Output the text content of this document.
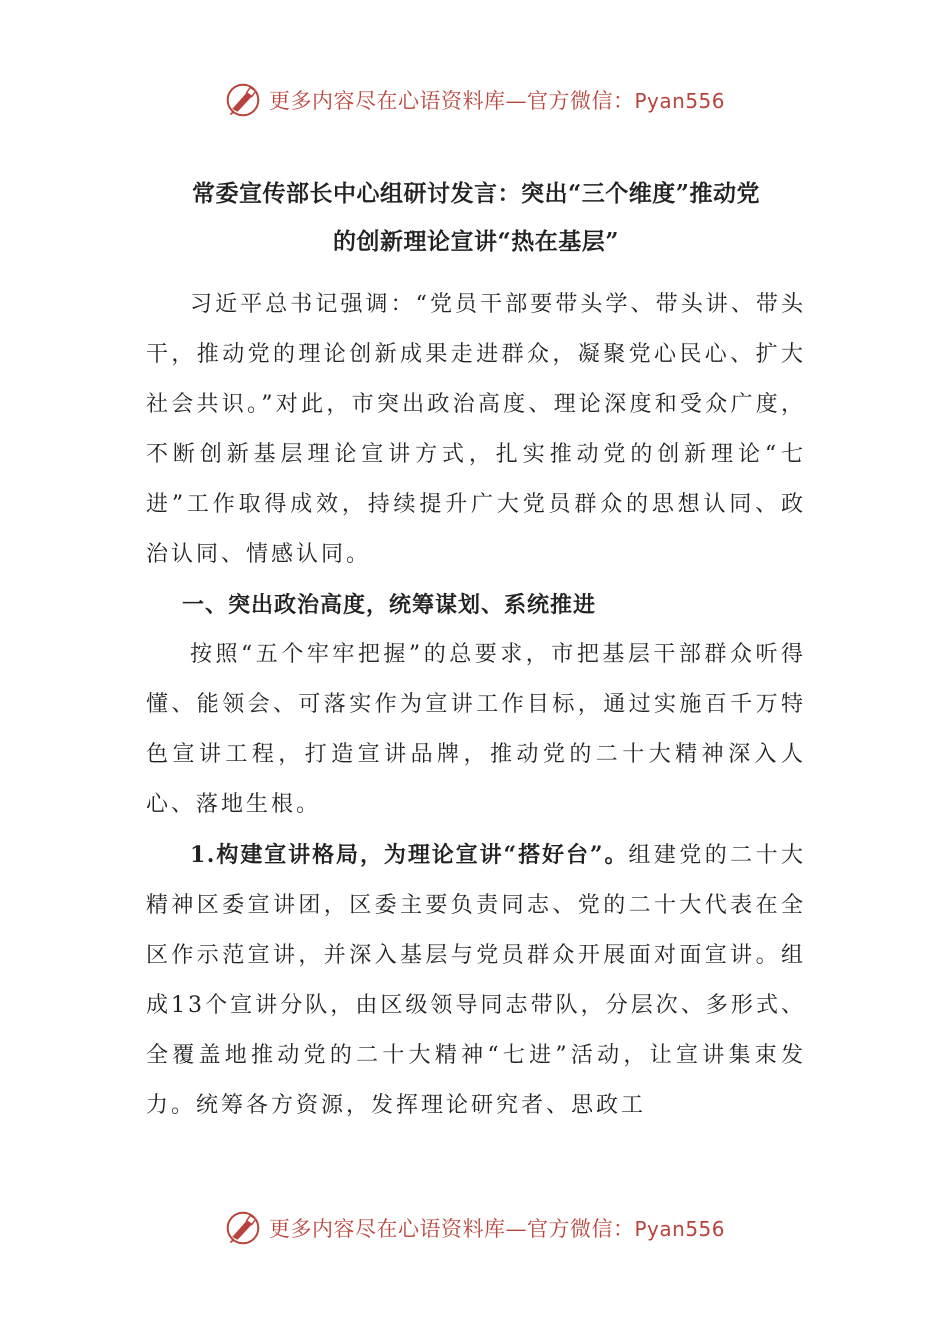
更多内容尽在心语资料库—官方微信：Pyan556
常委宣传部长中心组研讨发言：突出“三个维度”推动党
的创新理论宣讲“热在基层”

习近平总书记强调：“党员干部要带头学、带头讲、带头干，推动党的理论创新成果走进群众，凝聚党心民心、扩大社会共识。”对此，市突出政治高度、理论深度和受众广度，不断创新基层理论宣讲方式，扎实推动党的创新理论“七进”工作取得成效，持续提升广大党员群众的思想认同、政治认同、情感认同。

一、突出政治高度，统筹谋划、系统推进

按照“五个牢牢把握”的总要求，市把基层干部群众听得懂、能领会、可落实作为宣讲工作目标，通过实施百千万特色宣讲工程，打造宣讲品牌，推动党的二十大精神深入人心、落地生根。

1.构建宣讲格局，为理论宣讲“搭好台”。组建党的二十大精神区委宣讲团，区委主要负责同志、党的二十大代表在全区作示范宣讲，并深入基层与党员群众开展面对面宣讲。组成13个宣讲分队，由区级领导同志带队，分层次、多形式、全覆盖地推动党的二十大精神“七进”活动，让宣讲集束发力。统筹各方资源，发挥理论研究者、思政工

更多内容尽在心语资料库—官方微信：Pyan556
